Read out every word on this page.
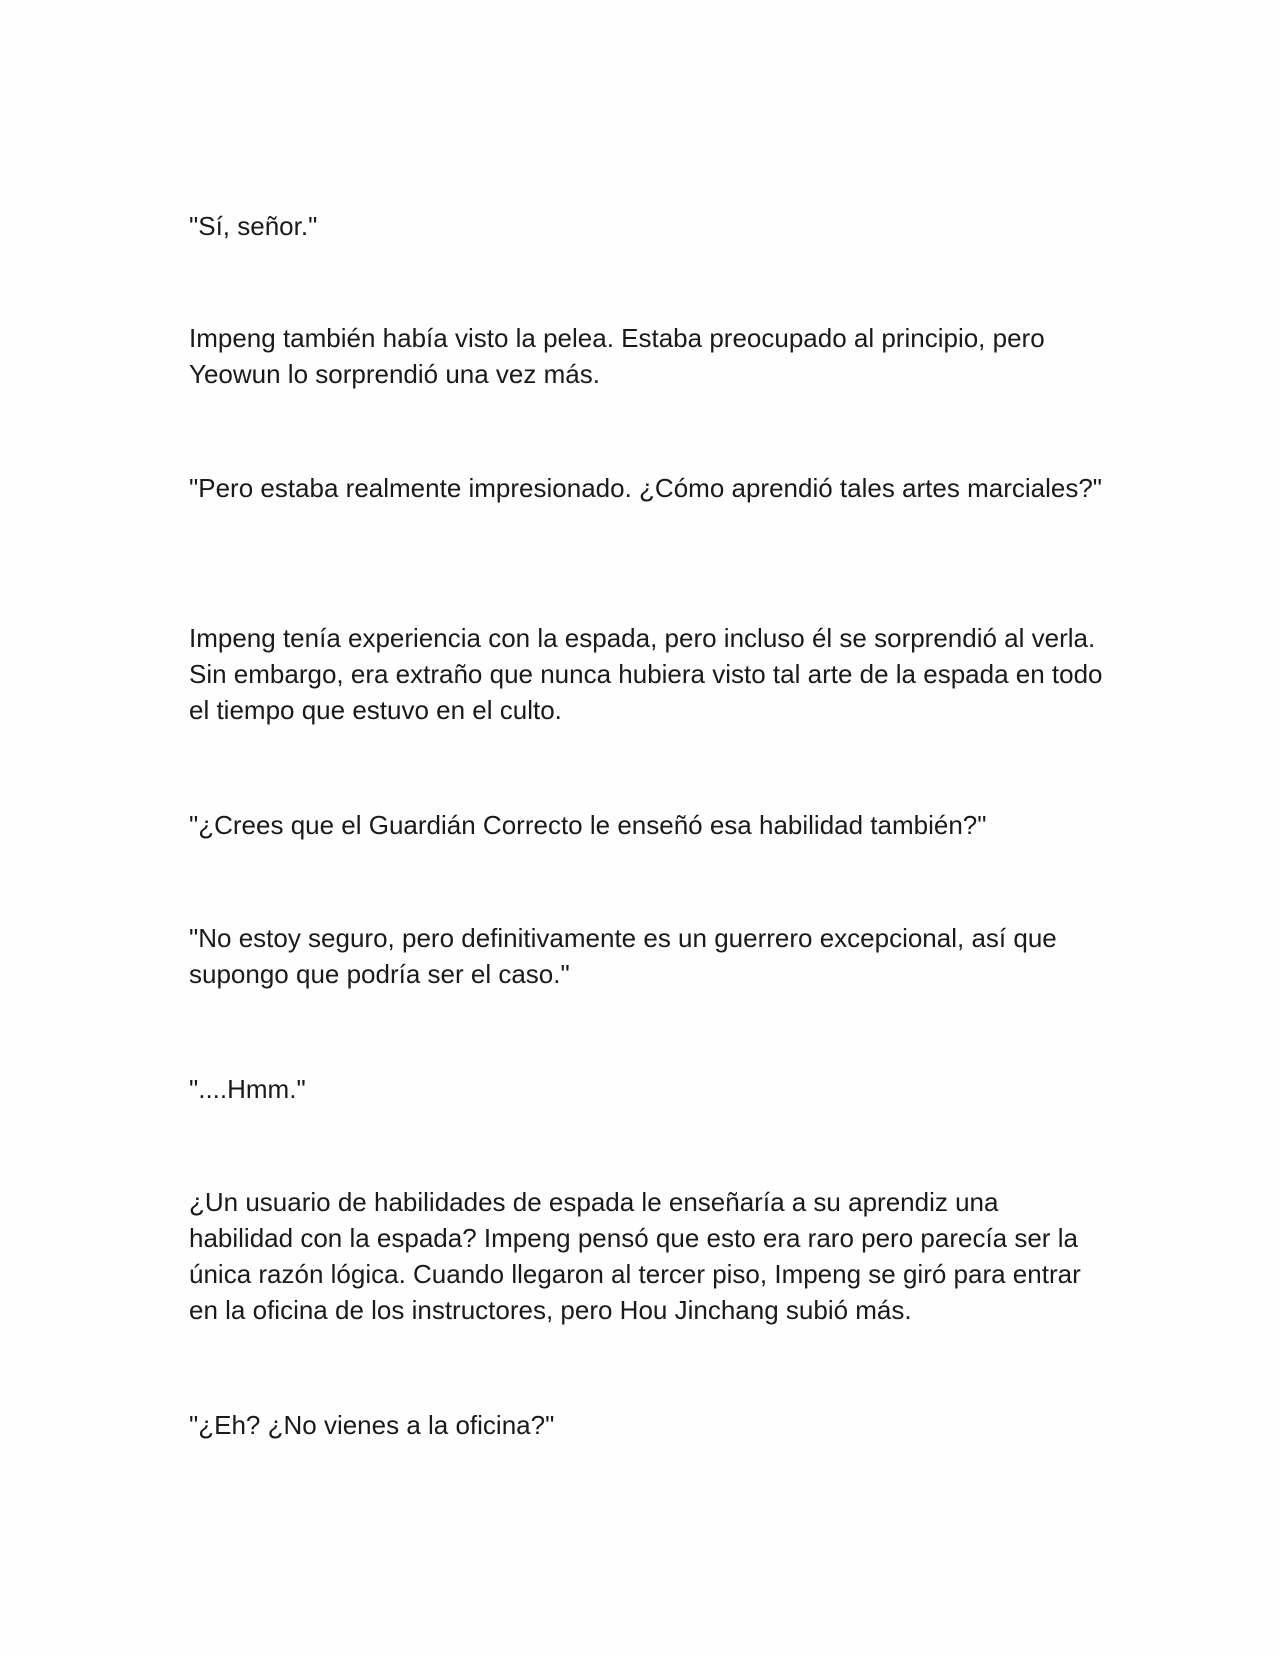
"Sí, señor."

Impeng también había visto la pelea. Estaba preocupado al principio, pero Yeowun lo sorprendió una vez más.

"Pero estaba realmente impresionado. ¿Cómo aprendió tales artes marciales?"

Impeng tenía experiencia con la espada, pero incluso él se sorprendió al verla. Sin embargo, era extraño que nunca hubiera visto tal arte de la espada en todo el tiempo que estuvo en el culto.

"¿Crees que el Guardián Correcto le enseñó esa habilidad también?"

"No estoy seguro, pero definitivamente es un guerrero excepcional, así que supongo que podría ser el caso."

"....Hmm."

¿Un usuario de habilidades de espada le enseñaría a su aprendiz una habilidad con la espada? Impeng pensó que esto era raro pero parecía ser la única razón lógica. Cuando llegaron al tercer piso, Impeng se giró para entrar en la oficina de los instructores, pero Hou Jinchang subió más.

"¿Eh? ¿No vienes a la oficina?"
